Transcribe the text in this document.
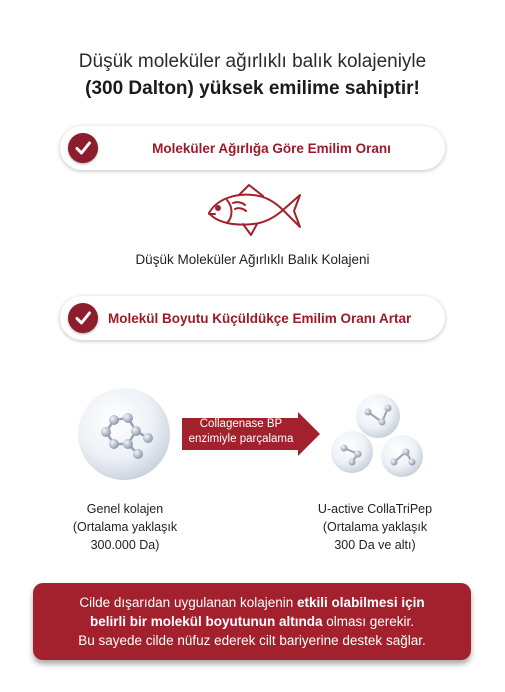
Düşük moleküler ağırlıklı balık kolajeniyle
(300 Dalton) yüksek emilime sahiptir!
Moleküler Ağırlığa Göre Emilim Oranı
Düşük Moleküler Ağırlıklı Balık Kolajeni
Molekül Boyutu Küçüldükçe Emilim Oranı Artar
Collagenase BP
enzimiyle parçalama
Genel kolajen
(Ortalama yaklaşık
300.000 Da)
U-active CollaTriPep
(Ortalama yaklaşık
300 Da ve altı)
Cilde dışarıdan uygulanan kolajenin etkili olabilmesi için
belirli bir molekül boyutunun altında olması gerekir.
Bu sayede cilde nüfuz ederek cilt bariyerine destek sağlar.
